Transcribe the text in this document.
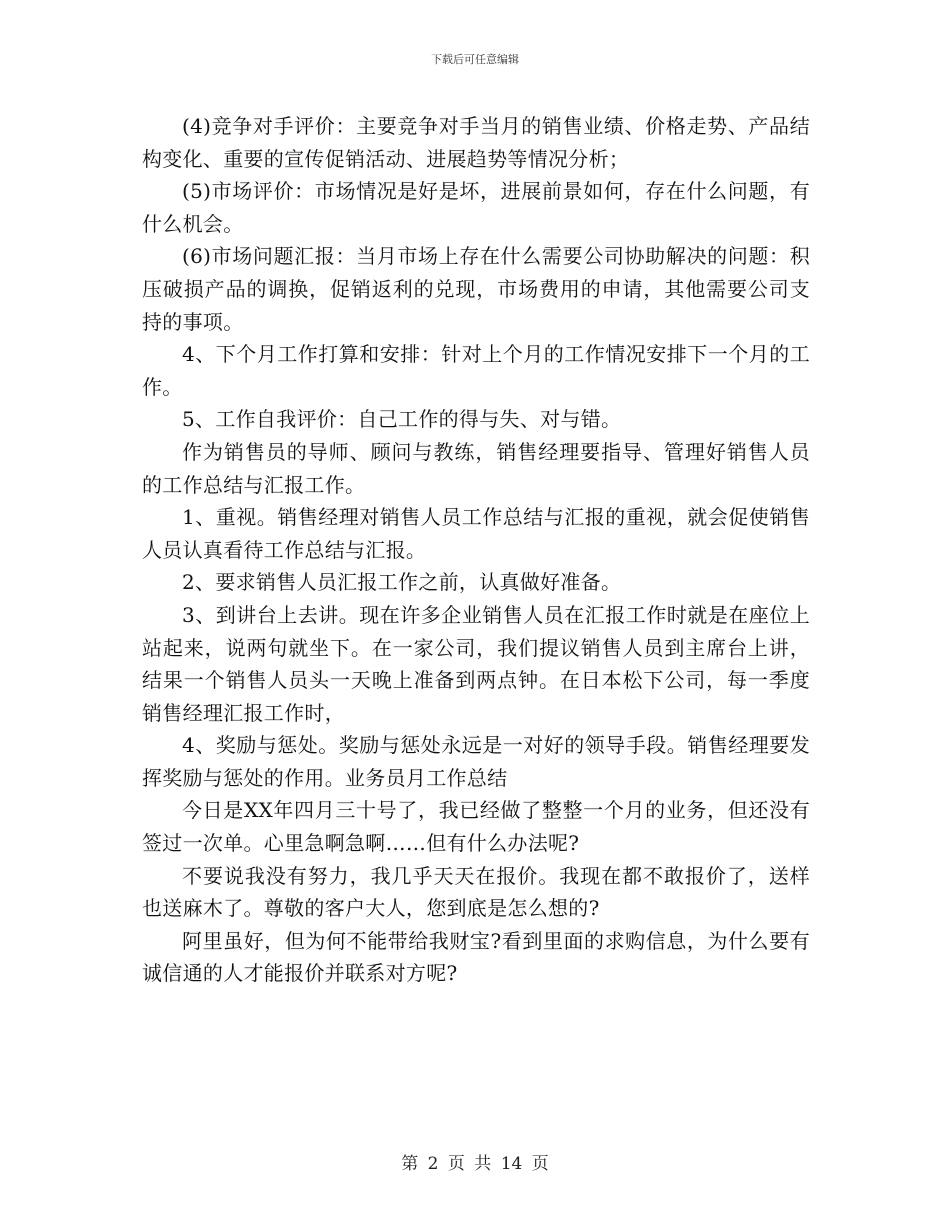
下载后可任意编辑

(4)竞争对手评价：主要竞争对手当月的销售业绩、价格走势、产品结构变化、重要的宣传促销活动、进展趋势等情况分析；

(5)市场评价：市场情况是好是坏，进展前景如何，存在什么问题，有什么机会。

(6)市场问题汇报：当月市场上存在什么需要公司协助解决的问题：积压破损产品的调换，促销返利的兑现，市场费用的申请，其他需要公司支持的事项。

4、下个月工作打算和安排：针对上个月的工作情况安排下一个月的工作。

5、工作自我评价：自己工作的得与失、对与错。

作为销售员的导师、顾问与教练，销售经理要指导、管理好销售人员的工作总结与汇报工作。

1、重视。销售经理对销售人员工作总结与汇报的重视，就会促使销售人员认真看待工作总结与汇报。

2、要求销售人员汇报工作之前，认真做好准备。

3、到讲台上去讲。现在许多企业销售人员在汇报工作时就是在座位上站起来，说两句就坐下。在一家公司，我们提议销售人员到主席台上讲，结果一个销售人员头一天晚上准备到两点钟。在日本松下公司，每一季度销售经理汇报工作时，

4、奖励与惩处。奖励与惩处永远是一对好的领导手段。销售经理要发挥奖励与惩处的作用。业务员月工作总结

今日是XX年四月三十号了，我已经做了整整一个月的业务，但还没有签过一次单。心里急啊急啊……但有什么办法呢?

不要说我没有努力，我几乎天天在报价。我现在都不敢报价了，送样也送麻木了。尊敬的客户大人，您到底是怎么想的?

阿里虽好，但为何不能带给我财宝?看到里面的求购信息，为什么要有诚信通的人才能报价并联系对方呢?

第 2 页 共 14 页
